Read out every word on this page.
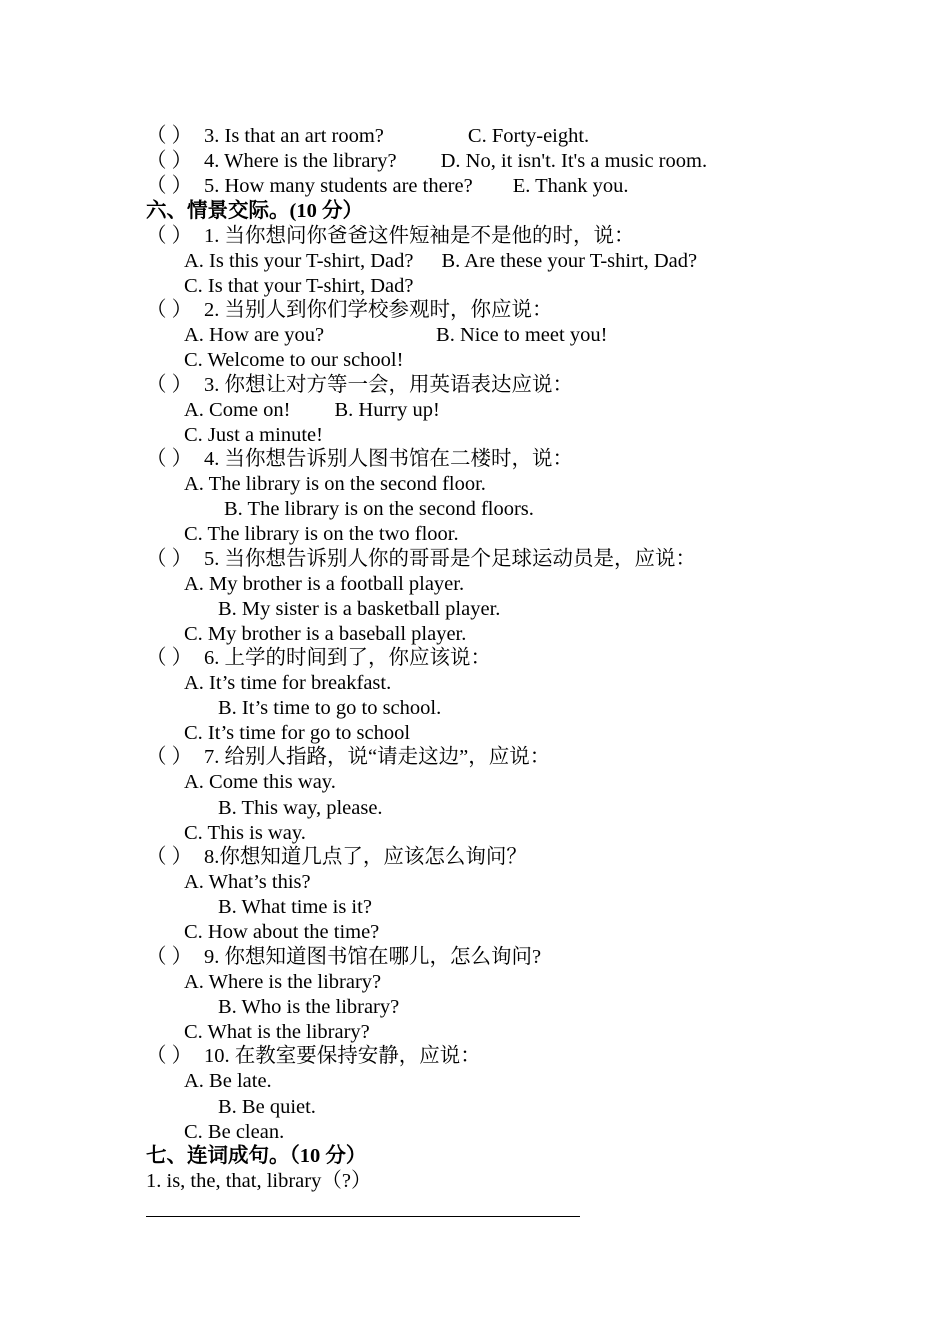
（ ） 3. Is that an art room?	C. Forty-eight.
（ ） 4. Where is the library? D. No, it isn't. It's a music room.
（ ） 5. How many students are there? E. Thank you.
六、情景交际。(10 分）
（ ） 1. 当你想问你爸爸这件短袖是不是他的时，说：
A. Is this your T-shirt, Dad? B. Are these your T-shirt, Dad?
C. Is that your T-shirt, Dad?
（ ） 2. 当别人到你们学校参观时，你应说：
A. How are you?	B. Nice to meet you!
C. Welcome to our school!
（ ） 3. 你想让对方等一会，用英语表达应说：
A. Come on! B. Hurry up!
C. Just a minute!
（ ） 4. 当你想告诉别人图书馆在二楼时，说：
A. The library is on the second floor.
B. The library is on the second floors.
C. The library is on the two floor.
（ ） 5. 当你想告诉别人你的哥哥是个足球运动员是，应说：
A. My brother is a football player.
B. My sister is a basketball player.
C. My brother is a baseball player.
（ ） 6. 上学的时间到了，你应该说：
A. It’s time for breakfast.
B. It’s time to go to school.
C. It’s time for go to school
（ ） 7. 给别人指路，说“请走这边”，应说：
A. Come this way.
B. This way, please.
C. This is way.
（ ） 8.你想知道几点了，应该怎么询问？
A. What’s this?
B. What time is it?
C. How about the time?
（ ） 9. 你想知道图书馆在哪儿，怎么询问?
A. Where is the library?
B. Who is the library?
C. What is the library?
（ ） 10. 在教室要保持安静，应说：
A. Be late.
B. Be quiet.
C. Be clean.
七、连词成句。（10 分）
1. is, the, that, library（?）
